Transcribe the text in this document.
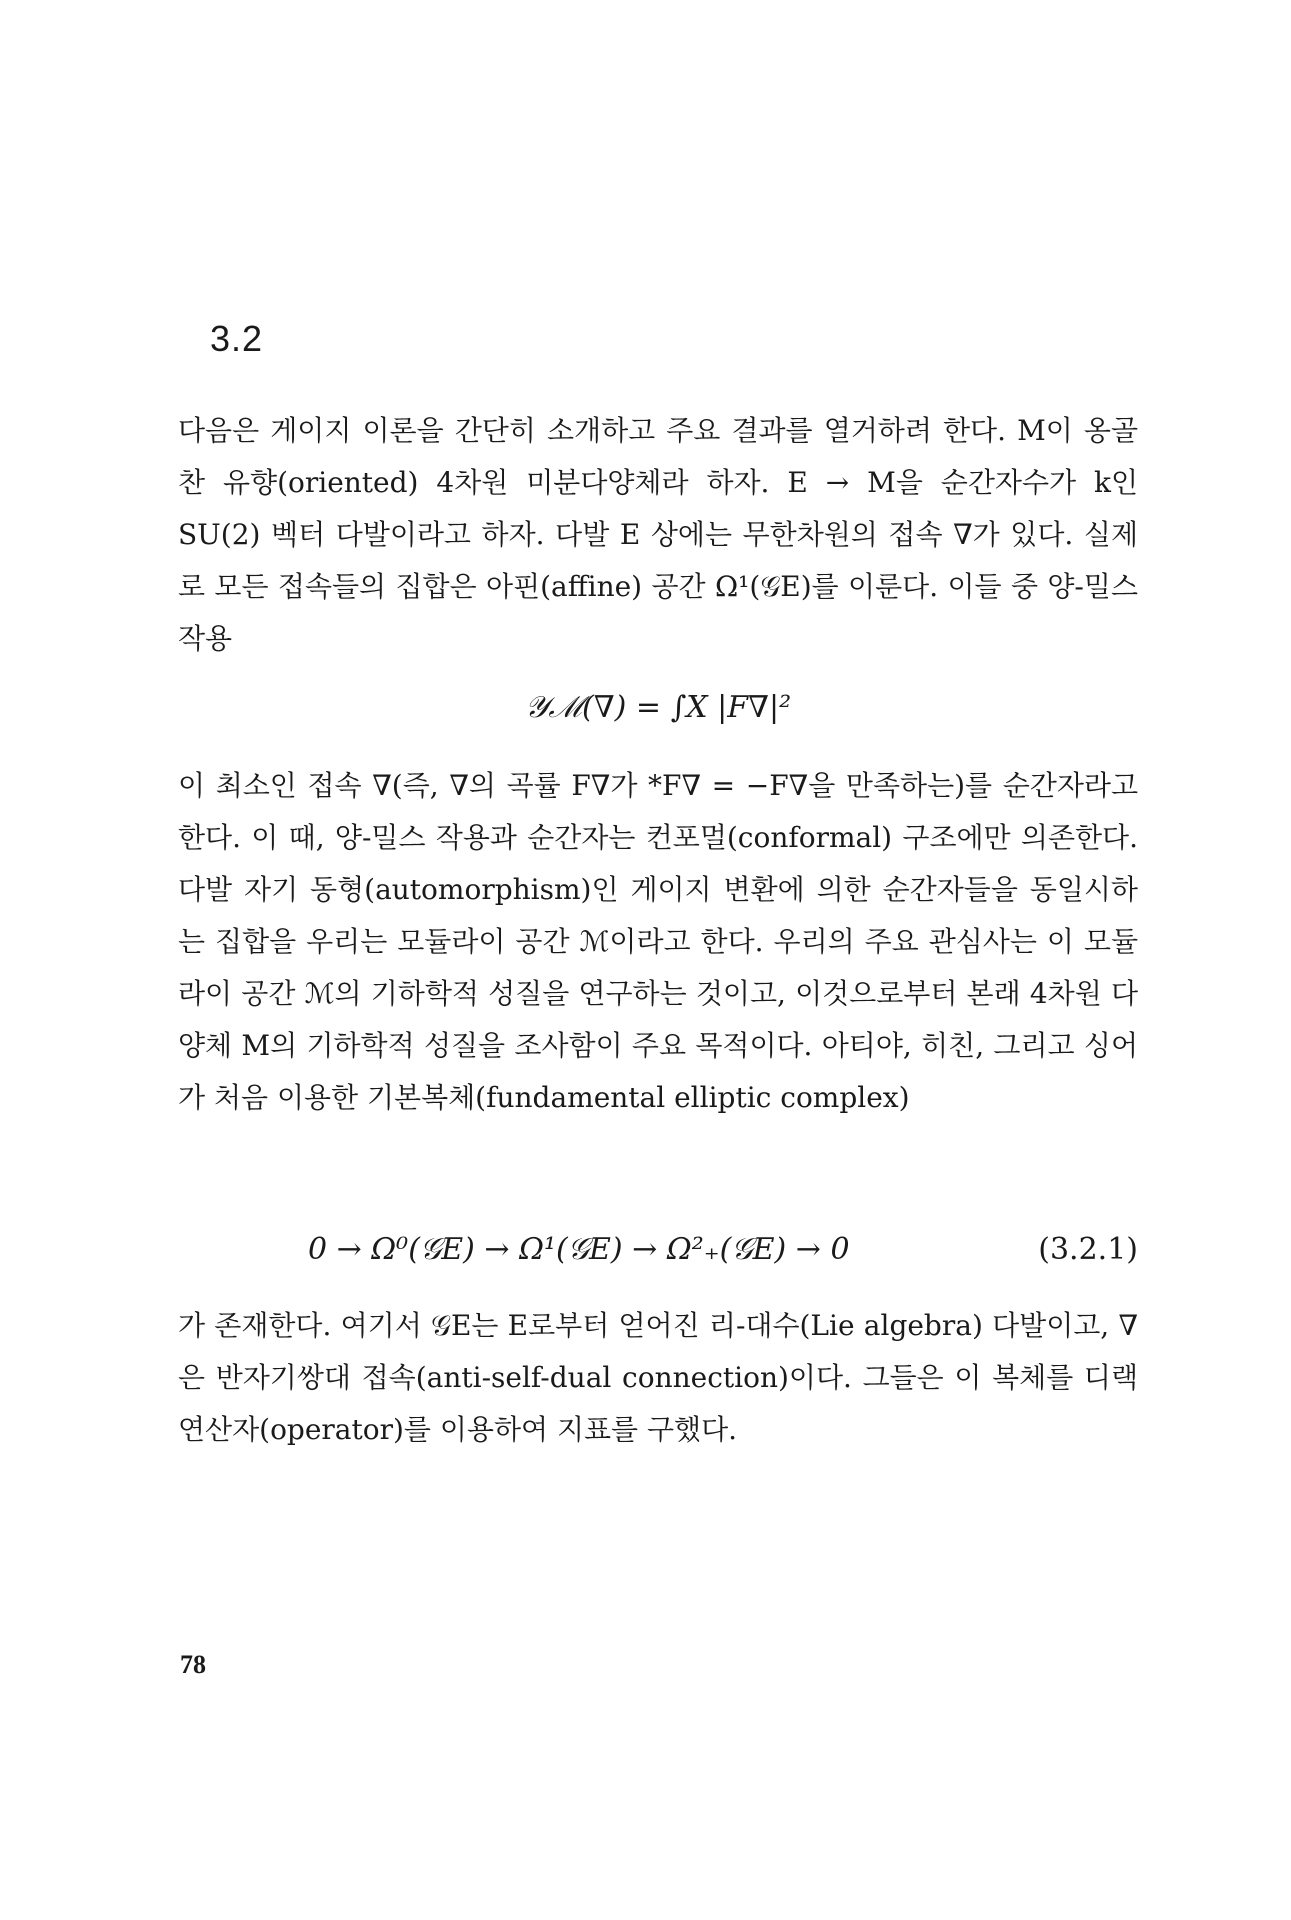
3.2
다음은 게이지 이론을 간단히 소개하고 주요 결과를 열거하려 한다. M이 옹골찬 유향(oriented) 4차원 미분다양체라 하자. E → M을 순간자수가 k인 SU(2) 벡터 다발이라고 하자. 다발 E 상에는 무한차원의 접속 ∇가 있다. 실제로 모든 접속들의 집합은 아핀(affine) 공간 Ω¹(𝒢E)를 이룬다. 이들 중 양-밀스 작용
𝒴ℳ(∇) = ∫X |F∇|²
이 최소인 접속 ∇(즉, ∇의 곡률 F∇가 *F∇ = −F∇을 만족하는)를 순간자라고 한다. 이 때, 양-밀스 작용과 순간자는 컨포멀(conformal) 구조에만 의존한다. 다발 자기 동형(automorphism)인 게이지 변환에 의한 순간자들을 동일시하는 집합을 우리는 모듈라이 공간 ℳ이라고 한다. 우리의 주요 관심사는 이 모듈라이 공간 ℳ의 기하학적 성질을 연구하는 것이고, 이것으로부터 본래 4차원 다양체 M의 기하학적 성질을 조사함이 주요 목적이다. 아티야, 히친, 그리고 싱어가 처음 이용한 기본복체(fundamental elliptic complex)
0 → Ω⁰(𝒢E) → Ω¹(𝒢E) → Ω²₊(𝒢E) → 0	(3.2.1)
가 존재한다. 여기서 𝒢E는 E로부터 얻어진 리-대수(Lie algebra) 다발이고, ∇은 반자기쌍대 접속(anti-self-dual connection)이다. 그들은 이 복체를 디랙 연산자(operator)를 이용하여 지표를 구했다.
78
